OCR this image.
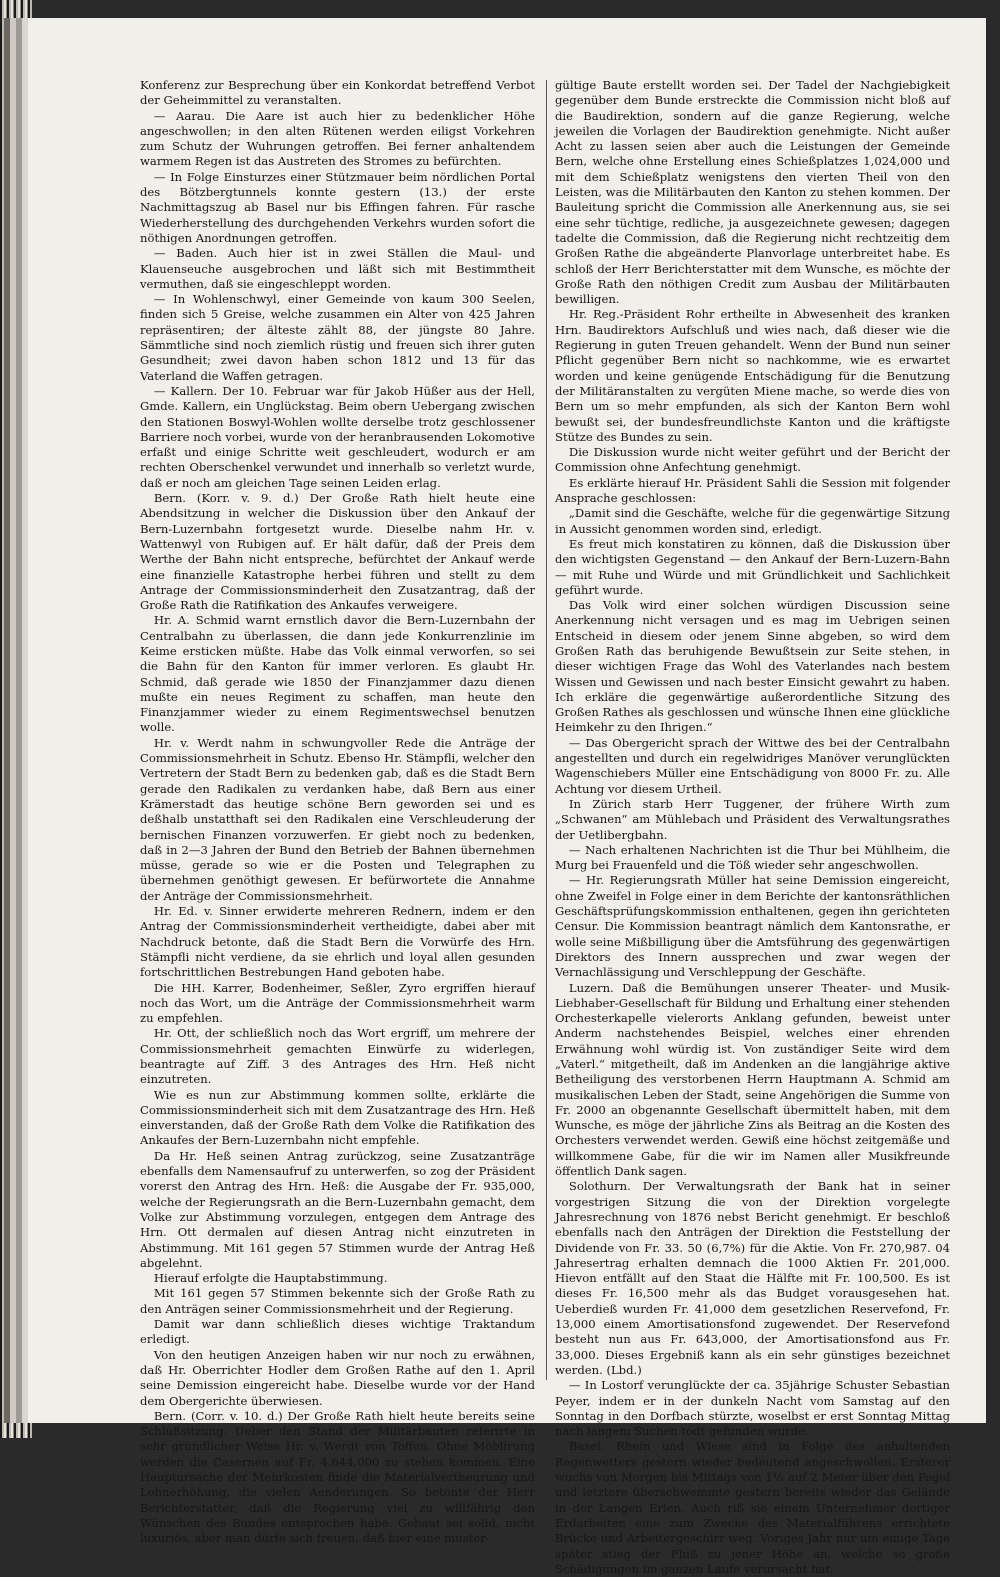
Konferenz zur Besprechung über ein Konkordat betreffend Verbot der Geheimmittel zu veranstalten.

— Aarau. Die Aare ist auch hier zu bedenklicher Höhe angeschwollen; in den alten Rütenen werden eiligst Vorkehren zum Schutz der Wuhrungen getroffen. Bei ferner anhaltendem warmem Regen ist das Austreten des Stromes zu befürchten.

— In Folge Einsturzes einer Stützmauer beim nördlichen Portal des Bötzbergtunnels konnte gestern (13.) der erste Nachmittagszug ab Basel nur bis Effingen fahren. Für rasche Wiederherstellung des durchgehenden Verkehrs wurden sofort die nöthigen Anordnungen getroffen.

— Baden. Auch hier ist in zwei Ställen die Maul- und Klauenseuche ausgebrochen und läßt sich mit Bestimmtheit vermuthen, daß sie eingeschleppt worden.

— In Wohlenschwyl, einer Gemeinde von kaum 300 Seelen, finden sich 5 Greise, welche zusammen ein Alter von 425 Jahren repräsentiren; der älteste zählt 88, der jüngste 80 Jahre. Sämmtliche sind noch ziemlich rüstig und freuen sich ihrer guten Gesundheit; zwei davon haben schon 1812 und 13 für das Vaterland die Waffen getragen.

— Kallern. Der 10. Februar war für Jakob Hüßer aus der Hell, Gmde. Kallern, ein Unglückstag. Beim obern Uebergang zwischen den Stationen Boswyl-Wohlen wollte derselbe trotz geschlossener Barriere noch vorbei, wurde von der heranbrausenden Lokomotive erfaßt und einige Schritte weit geschleudert, wodurch er am rechten Oberschenkel verwundet und innerhalb so verletzt wurde, daß er noch am gleichen Tage seinen Leiden erlag.

Bern. (Korr. v. 9. d.) Der Große Rath hielt heute eine Abendsitzung in welcher die Diskussion über den Ankauf der Bern-Luzernbahn fortgesetzt wurde. Dieselbe nahm Hr. v. Wattenwyl von Rubigen auf. Er hält dafür, daß der Preis dem Werthe der Bahn nicht entspreche, befürchtet der Ankauf werde eine finanzielle Katastrophe herbei führen und stellt zu dem Antrage der Commissionsminderheit den Zusatzantrag, daß der Große Rath die Ratifikation des Ankaufes verweigere.

Hr. A. Schmid warnt ernstlich davor die Bern-Luzernbahn der Centralbahn zu überlassen, die dann jede Konkurrenzlinie im Keime ersticken müßte. Habe das Volk einmal verworfen, so sei die Bahn für den Kanton für immer verloren. Es glaubt Hr. Schmid, daß gerade wie 1850 der Finanzjammer dazu dienen mußte ein neues Regiment zu schaffen, man heute den Finanzjammer wieder zu einem Regimentswechsel benutzen wolle.

Hr. v. Werdt nahm in schwungvoller Rede die Anträge der Commissionsmehrheit in Schutz. Ebenso Hr. Stämpfli, welcher den Vertretern der Stadt Bern zu bedenken gab, daß es die Stadt Bern gerade den Radikalen zu verdanken habe, daß Bern aus einer Krämerstadt das heutige schöne Bern geworden sei und es deßhalb unstatthaft sei den Radikalen eine Verschleuderung der bernischen Finanzen vorzuwerfen. Er giebt noch zu bedenken, daß in 2—3 Jahren der Bund den Betrieb der Bahnen übernehmen müsse, gerade so wie er die Posten und Telegraphen zu übernehmen genöthigt gewesen. Er befürwortete die Annahme der Anträge der Commissionsmehrheit.

Hr. Ed. v. Sinner erwiderte mehreren Rednern, indem er den Antrag der Commissionsminderheit vertheidigte, dabei aber mit Nachdruck betonte, daß die Stadt Bern die Vorwürfe des Hrn. Stämpfli nicht verdiene, da sie ehrlich und loyal allen gesunden fortschrittlichen Bestrebungen Hand geboten habe.

Die HH. Karrer, Bodenheimer, Seßler, Zyro ergriffen hierauf noch das Wort, um die Anträge der Commissionsmehrheit warm zu empfehlen.

Hr. Ott, der schließlich noch das Wort ergriff, um mehrere der Commissionsmehrheit gemachten Einwürfe zu widerlegen, beantragte auf Ziff. 3 des Antrages des Hrn. Heß nicht einzutreten.

Wie es nun zur Abstimmung kommen sollte, erklärte die Commissionsminderheit sich mit dem Zusatzantrage des Hrn. Heß einverstanden, daß der Große Rath dem Volke die Ratifikation des Ankaufes der Bern-Luzernbahn nicht empfehle.

Da Hr. Heß seinen Antrag zurückzog, seine Zusatzanträge ebenfalls dem Namensaufruf zu unterwerfen, so zog der Präsident vorerst den Antrag des Hrn. Heß: die Ausgabe der Fr. 935,000, welche der Regierungsrath an die Bern-Luzernbahn gemacht, dem Volke zur Abstimmung vorzulegen, entgegen dem Antrage des Hrn. Ott dermalen auf diesen Antrag nicht einzutreten in Abstimmung. Mit 161 gegen 57 Stimmen wurde der Antrag Heß abgelehnt.

Hierauf erfolgte die Hauptabstimmung.

Mit 161 gegen 57 Stimmen bekennte sich der Große Rath zu den Anträgen seiner Commissionsmehrheit und der Regierung.

Damit war dann schließlich dieses wichtige Traktandum erledigt.

Von den heutigen Anzeigen haben wir nur noch zu erwähnen, daß Hr. Oberrichter Hodler dem Großen Rathe auf den 1. April seine Demission eingereicht habe. Dieselbe wurde vor der Hand dem Obergerichte überwiesen.

Bern. (Corr. v. 10. d.) Der Große Rath hielt heute bereits seine Schlußsitzung. Ueber den Stand der Militärbauten referirte in sehr gründlicher Weise Hr. v. Werdt von Toffen. Ohne Möblirung werden die Casernen auf Fr. 4,644,000 zu stehen kommen. Eine Hauptursache der Mehrkosten finde die Materialvertheurung und Lohnerhöhung, die vielen Aenderungen. So betonte der Herr Berichterstatter, daß die Regierung viel zu willfährig den Wünschen des Bundes entsprochen habe. Gebaut sei solid, nicht luxuriös, aber man dürfe sich freuen, daß hier eine muster-

gültige Baute erstellt worden sei. Der Tadel der Nachgiebigkeit gegenüber dem Bunde erstreckte die Commission nicht bloß auf die Baudirektion, sondern auf die ganze Regierung, welche jeweilen die Vorlagen der Baudirektion genehmigte. Nicht außer Acht zu lassen seien aber auch die Leistungen der Gemeinde Bern, welche ohne Erstellung eines Schießplatzes 1,024,000 und mit dem Schießplatz wenigstens den vierten Theil von den Leisten, was die Militärbauten den Kanton zu stehen kommen. Der Bauleitung spricht die Commission alle Anerkennung aus, sie sei eine sehr tüchtige, redliche, ja ausgezeichnete gewesen; dagegen tadelte die Commission, daß die Regierung nicht rechtzeitig dem Großen Rathe die abgeänderte Planvorlage unterbreitet habe. Es schloß der Herr Berichterstatter mit dem Wunsche, es möchte der Große Rath den nöthigen Credit zum Ausbau der Militärbauten bewilligen.

Hr. Reg.-Präsident Rohr ertheilte in Abwesenheit des kranken Hrn. Baudirektors Aufschluß und wies nach, daß dieser wie die Regierung in guten Treuen gehandelt. Wenn der Bund nun seiner Pflicht gegenüber Bern nicht so nachkomme, wie es erwartet worden und keine genügende Entschädigung für die Benutzung der Militäranstalten zu vergüten Miene mache, so werde dies von Bern um so mehr empfunden, als sich der Kanton Bern wohl bewußt sei, der bundesfreundlichste Kanton und die kräftigste Stütze des Bundes zu sein.

Die Diskussion wurde nicht weiter geführt und der Bericht der Commission ohne Anfechtung genehmigt.

Es erklärte hierauf Hr. Präsident Sahli die Session mit folgender Ansprache geschlossen:

„Damit sind die Geschäfte, welche für die gegenwärtige Sitzung in Aussicht genommen worden sind, erledigt.

Es freut mich konstatiren zu können, daß die Diskussion über den wichtigsten Gegenstand — den Ankauf der Bern-Luzern-Bahn — mit Ruhe und Würde und mit Gründlichkeit und Sachlichkeit geführt wurde.

Das Volk wird einer solchen würdigen Discussion seine Anerkennung nicht versagen und es mag im Uebrigen seinen Entscheid in diesem oder jenem Sinne abgeben, so wird dem Großen Rath das beruhigende Bewußtsein zur Seite stehen, in dieser wichtigen Frage das Wohl des Vaterlandes nach bestem Wissen und Gewissen und nach bester Einsicht gewahrt zu haben. Ich erkläre die gegenwärtige außerordentliche Sitzung des Großen Rathes als geschlossen und wünsche Ihnen eine glückliche Heimkehr zu den Ihrigen.“

— Das Obergericht sprach der Wittwe des bei der Centralbahn angestellten und durch ein regelwidriges Manöver verunglückten Wagenschiebers Müller eine Entschädigung von 8000 Fr. zu. Alle Achtung vor diesem Urtheil.

In Zürich starb Herr Tuggener, der frühere Wirth zum „Schwanen“ am Mühlebach und Präsident des Verwaltungsrathes der Uetlibergbahn.

— Nach erhaltenen Nachrichten ist die Thur bei Mühlheim, die Murg bei Frauenfeld und die Töß wieder sehr angeschwollen.

— Hr. Regierungsrath Müller hat seine Demission eingereicht, ohne Zweifel in Folge einer in dem Berichte der kantonsräthlichen Geschäftsprüfungskommission enthaltenen, gegen ihn gerichteten Censur. Die Kommission beantragt nämlich dem Kantonsrathe, er wolle seine Mißbilligung über die Amtsführung des gegenwärtigen Direktors des Innern aussprechen und zwar wegen der Vernachlässigung und Verschleppung der Geschäfte.

Luzern. Daß die Bemühungen unserer Theater- und Musik-Liebhaber-Gesellschaft für Bildung und Erhaltung einer stehenden Orchesterkapelle vielerorts Anklang gefunden, beweist unter Anderm nachstehendes Beispiel, welches einer ehrenden Erwähnung wohl würdig ist. Von zuständiger Seite wird dem „Vaterl.“ mitgetheilt, daß im Andenken an die langjährige aktive Betheiligung des verstorbenen Herrn Hauptmann A. Schmid am musikalischen Leben der Stadt, seine Angehörigen die Summe von Fr. 2000 an obgenannte Gesellschaft übermittelt haben, mit dem Wunsche, es möge der jährliche Zins als Beitrag an die Kosten des Orchesters verwendet werden. Gewiß eine höchst zeitgemäße und willkommene Gabe, für die wir im Namen aller Musikfreunde öffentlich Dank sagen.

Solothurn. Der Verwaltungsrath der Bank hat in seiner vorgestrigen Sitzung die von der Direktion vorgelegte Jahresrechnung von 1876 nebst Bericht genehmigt. Er beschloß ebenfalls nach den Anträgen der Direktion die Feststellung der Dividende von Fr. 33. 50 (6,7%) für die Aktie. Von Fr. 270,987. 04 Jahresertrag erhalten demnach die 1000 Aktien Fr. 201,000. Hievon entfällt auf den Staat die Hälfte mit Fr. 100,500. Es ist dieses Fr. 16,500 mehr als das Budget vorausgesehen hat. Ueberdieß wurden Fr. 41,000 dem gesetzlichen Reservefond, Fr. 13,000 einem Amortisationsfond zugewendet. Der Reservefond besteht nun aus Fr. 643,000, der Amortisationsfond aus Fr. 33,000. Dieses Ergebniß kann als ein sehr günstiges bezeichnet werden. (Lbd.)

— In Lostorf verunglückte der ca. 35jährige Schuster Sebastian Peyer, indem er in der dunkeln Nacht vom Samstag auf den Sonntag in den Dorfbach stürzte, woselbst er erst Sonntag Mittag nach langem Suchen todt gefunden wurde.

Basel. Rhein und Wiese sind in Folge des anhaltenden Regenwetters gestern wieder bedeutend angeschwollen. Ersterer wuchs von Morgen bis Mittags von 1½ auf 2 Meter über den Pegel und letztere überschwemmte gestern bereits wieder das Gelände in der Langen Erlen. Auch riß sie einem Unternehmer dortiger Erdarbeiten eine zum Zwecke des Materialführens errichtete Brücke und Arbeitergeschirr weg. Voriges Jahr nur um einige Tage später stieg der Fluß zu jener Höhe an, welche so große Schädigungen im ganzen Laufe verursacht hat.
